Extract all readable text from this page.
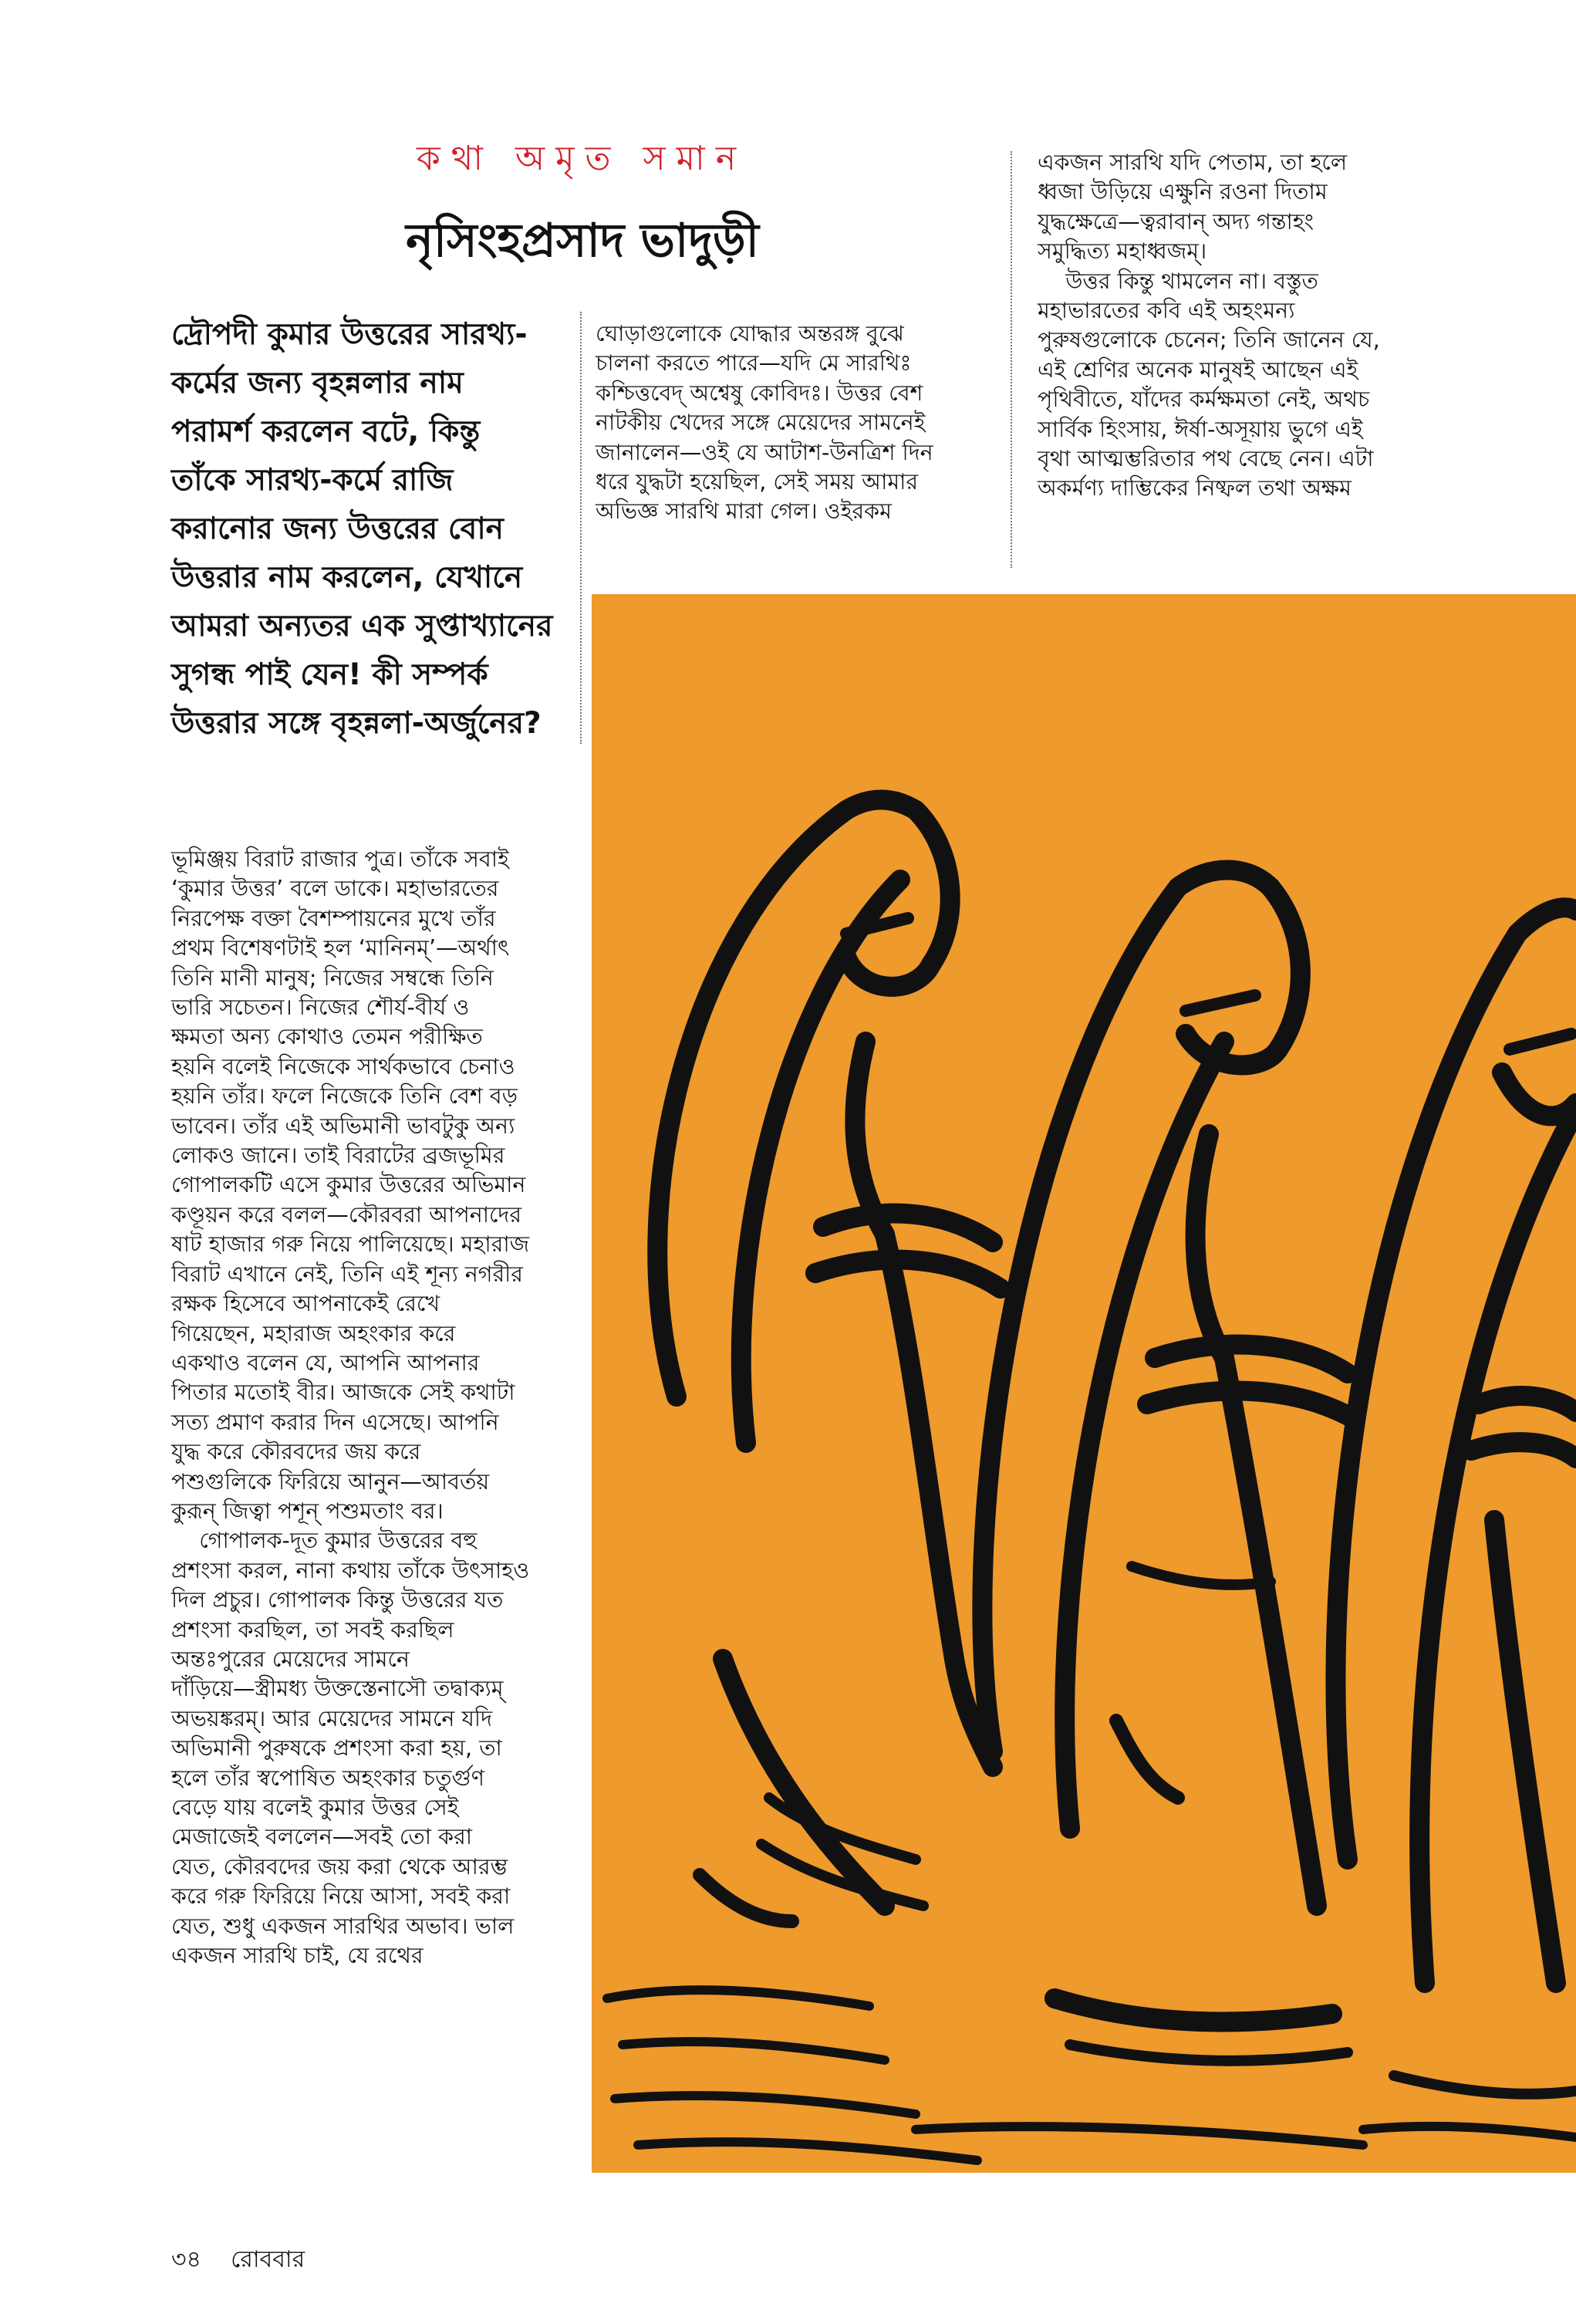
কথা অমৃত সমান
নৃসিংহপ্রসাদ ভাদুড়ী

দ্রৌপদী কুমার উত্তরের সারথ্য-

কর্মের জন্য বৃহন্নলার নাম

পরামর্শ করলেন বটে, কিন্তু

তাঁকে সারথ্য-কর্মে রাজি

করানোর জন্য উত্তরের বোন

উত্তরার নাম করলেন, যেখানে

আমরা অন্যতর এক সুপ্তাখ্যানের

সুগন্ধ পাই যেন! কী সম্পর্ক

উত্তরার সঙ্গে বৃহন্নলা-অর্জুনের?

ভূমিঞ্জয় বিরাট রাজার পুত্র। তাঁকে সবাই

‘কুমার উত্তর’ বলে ডাকে। মহাভারতের

নিরপেক্ষ বক্তা বৈশম্পায়নের মুখে তাঁর

প্রথম বিশেষণটাই হল ‘মানিনম্’—অর্থাৎ

তিনি মানী মানুষ; নিজের সম্বন্ধে তিনি

ভারি সচেতন। নিজের শৌর্য-বীর্য ও

ক্ষমতা অন্য কোথাও তেমন পরীক্ষিত

হয়নি বলেই নিজেকে সার্থকভাবে চেনাও

হয়নি তাঁর। ফলে নিজেকে তিনি বেশ বড়

ভাবেন। তাঁর এই অভিমানী ভাবটুকু অন্য

লোকও জানে। তাই বিরাটের ব্রজভূমির

গোপালকটি এসে কুমার উত্তরের অভিমান

কণ্ডূয়ন করে বলল—কৌরবরা আপনাদের

ষাট হাজার গরু নিয়ে পালিয়েছে। মহারাজ

বিরাট এখানে নেই, তিনি এই শূন্য নগরীর

রক্ষক হিসেবে আপনাকেই রেখে

গিয়েছেন, মহারাজ অহংকার করে

একথাও বলেন যে, আপনি আপনার

পিতার মতোই বীর। আজকে সেই কথাটা

সত্য প্রমাণ করার দিন এসেছে। আপনি

যুদ্ধ করে কৌরবদের জয় করে

পশুগুলিকে ফিরিয়ে আনুন—আবর্তয়

কুরূন্ জিত্বা পশূন্ পশুমতাং বর।

গোপালক-দূত কুমার উত্তরের বহু

প্রশংসা করল, নানা কথায় তাঁকে উৎসাহও

দিল প্রচুর। গোপালক কিন্তু উত্তরের যত

প্রশংসা করছিল, তা সবই করছিল

অন্তঃপুরের মেয়েদের সামনে

দাঁড়িয়ে—স্ত্রীমধ্য উক্তস্তেনাসৌ তদ্বাক্যম্

অভয়ঙ্করম্। আর মেয়েদের সামনে যদি

অভিমানী পুরুষকে প্রশংসা করা হয়, তা

হলে তাঁর স্বপোষিত অহংকার চতুর্গুণ

বেড়ে যায় বলেই কুমার উত্তর সেই

মেজাজেই বললেন—সবই তো করা

যেত, কৌরবদের জয় করা থেকে আরম্ভ

করে গরু ফিরিয়ে নিয়ে আসা, সবই করা

যেত, শুধু একজন সারথির অভাব। ভাল

একজন সারথি চাই, যে রথের

ঘোড়াগুলোকে যোদ্ধার অন্তরঙ্গ বুঝে

চালনা করতে পারে—যদি মে সারথিঃ

কশ্চিত্তবেদ্ অশ্বেষু কোবিদঃ। উত্তর বেশ

নাটকীয় খেদের সঙ্গে মেয়েদের সামনেই

জানালেন—ওই যে আটাশ-উনত্রিশ দিন

ধরে যুদ্ধটা হয়েছিল, সেই সময় আমার

অভিজ্ঞ সারথি মারা গেল। ওইরকম

একজন সারথি যদি পেতাম, তা হলে

ধ্বজা উড়িয়ে এক্ষুনি রওনা দিতাম

যুদ্ধক্ষেত্রে—ত্বরাবান্ অদ্য গন্তাহং

সমুদ্ধিত্য মহাধ্বজম্।

উত্তর কিন্তু থামলেন না। বস্তুত

মহাভারতের কবি এই অহংমন্য

পুরুষগুলোকে চেনেন; তিনি জানেন যে,

এই শ্রেণির অনেক মানুষই আছেন এই

পৃথিবীতে, যাঁদের কর্মক্ষমতা নেই, অথচ

সার্বিক হিংসায়, ঈর্ষা-অসূয়ায় ভুগে এই

বৃথা আত্মম্ভরিতার পথ বেছে নেন। এটা

অকর্মণ্য দাম্ভিকের নিষ্ফল তথা অক্ষম

৩৪ রোববার
